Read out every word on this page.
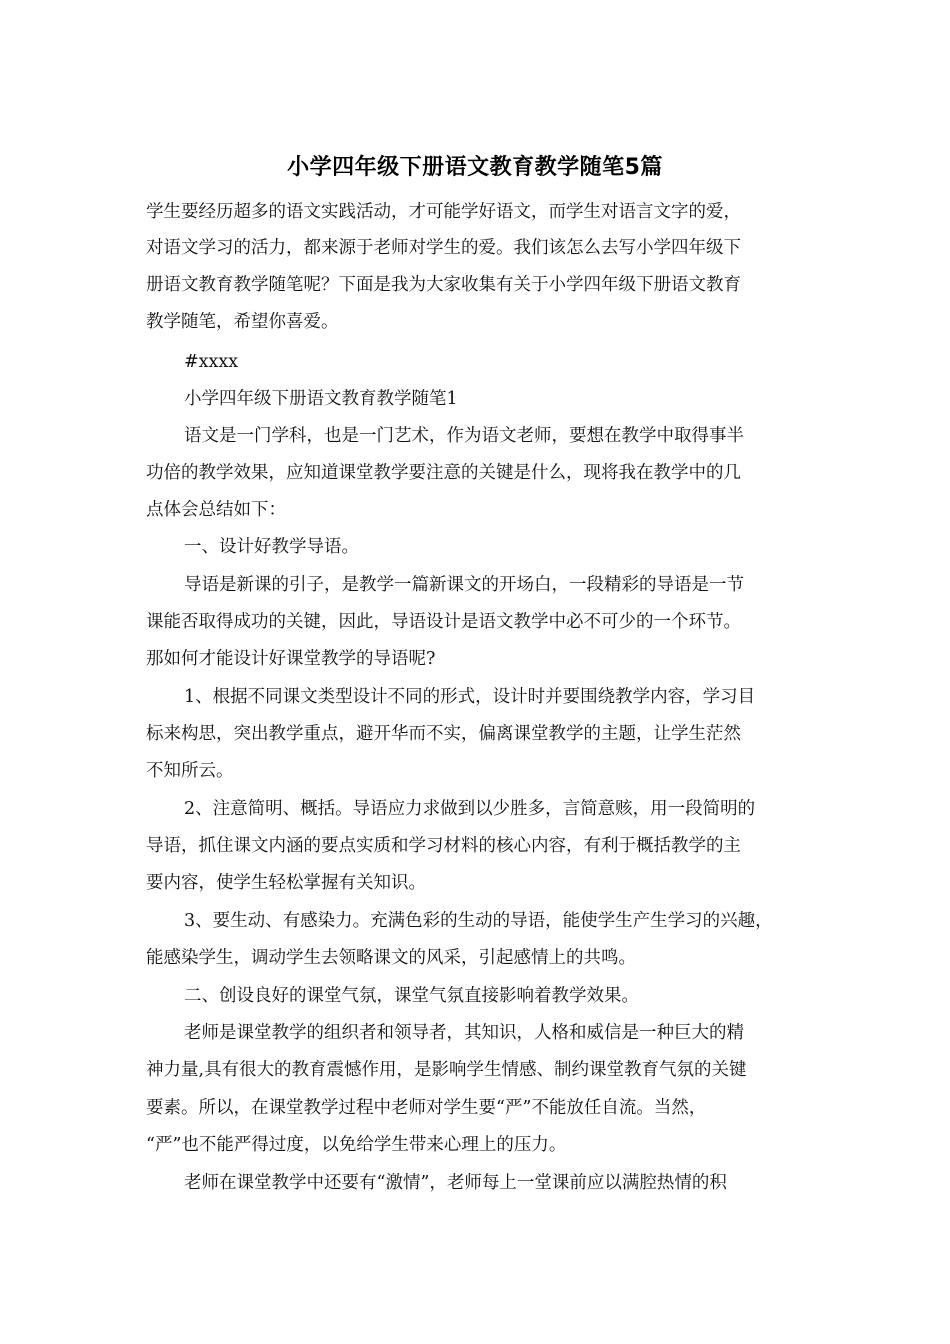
小学四年级下册语文教育教学随笔5篇
学生要经历超多的语文实践活动，才可能学好语文，而学生对语言文字的爱，
对语文学习的活力，都来源于老师对学生的爱。我们该怎么去写小学四年级下
册语文教育教学随笔呢？下面是我为大家收集有关于小学四年级下册语文教育
教学随笔，希望你喜爱。
#xxxx
小学四年级下册语文教育教学随笔1
语文是一门学科，也是一门艺术，作为语文老师，要想在教学中取得事半
功倍的教学效果，应知道课堂教学要注意的关键是什么，现将我在教学中的几
点体会总结如下：
一、设计好教学导语。
导语是新课的引子，是教学一篇新课文的开场白，一段精彩的导语是一节
课能否取得成功的关键，因此，导语设计是语文教学中必不可少的一个环节。
那如何才能设计好课堂教学的导语呢?
1、根据不同课文类型设计不同的形式，设计时并要围绕教学内容，学习目
标来构思，突出教学重点，避开华而不实，偏离课堂教学的主题，让学生茫然
不知所云。
2、注意简明、概括。导语应力求做到以少胜多，言简意赅，用一段简明的
导语，抓住课文内涵的要点实质和学习材料的核心内容，有利于概括教学的主
要内容，使学生轻松掌握有关知识。
3、要生动、有感染力。充满色彩的生动的导语，能使学生产生学习的兴趣，
能感染学生，调动学生去领略课文的风采，引起感情上的共鸣。
二、创设良好的课堂气氛，课堂气氛直接影响着教学效果。
老师是课堂教学的组织者和领导者，其知识，人格和威信是一种巨大的精
神力量,具有很大的教育震憾作用，是影响学生情感、制约课堂教育气氛的关键
要素。所以，在课堂教学过程中老师对学生要“严”不能放任自流。当然，
“严”也不能严得过度，以免给学生带来心理上的压力。
老师在课堂教学中还要有“激情”，老师每上一堂课前应以满腔热情的积
